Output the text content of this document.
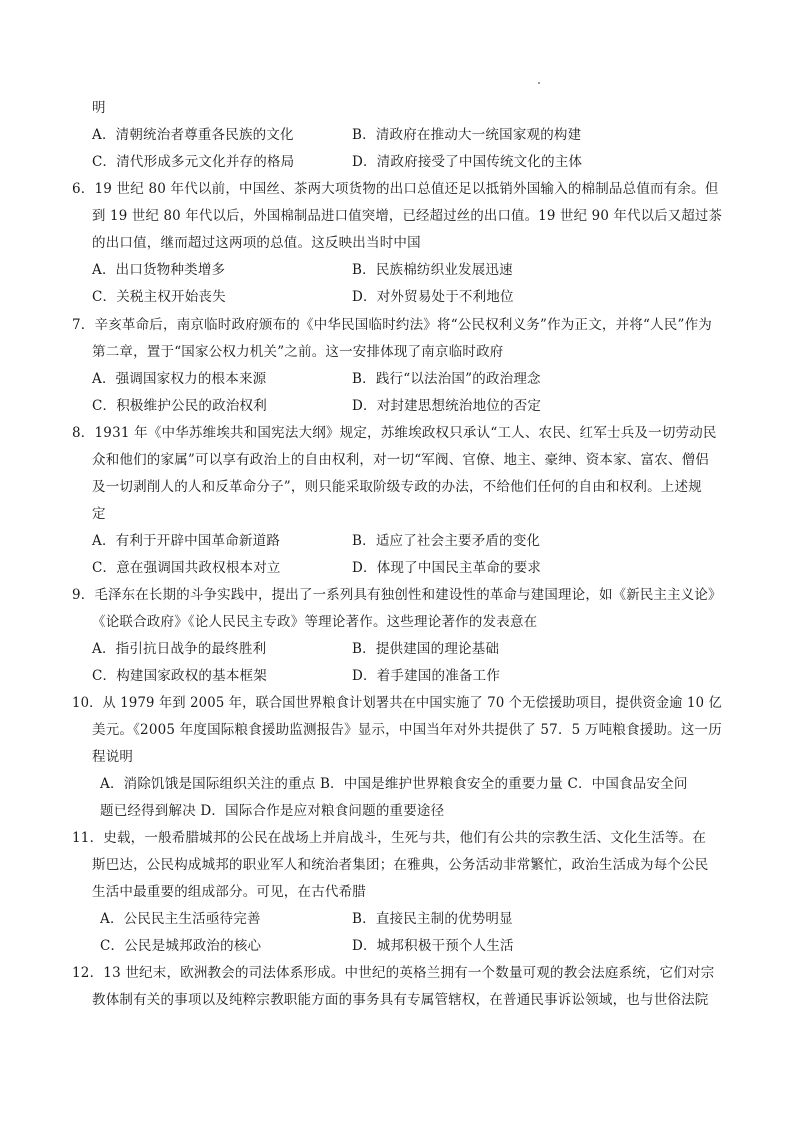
明
A．清朝统治者尊重各民族的文化	B．清政府在推动大一统国家观的构建
C．清代形成多元文化并存的格局	D．清政府接受了中国传统文化的主体
6．19 世纪 80 年代以前，中国丝、茶两大项货物的出口总值还足以抵销外国输入的棉制品总值而有余。但
到 19 世纪 80 年代以后，外国棉制品进口值突增，已经超过丝的出口值。19 世纪 90 年代以后又超过茶
的出口值，继而超过这两项的总值。这反映出当时中国
A．出口货物种类增多	B．民族棉纺织业发展迅速
C．关税主权开始丧失	D．对外贸易处于不利地位
7．辛亥革命后，南京临时政府颁布的《中华民国临时约法》将“公民权利义务”作为正文，并将“人民”作为
第二章，置于“国家公权力机关”之前。这一安排体现了南京临时政府
A．强调国家权力的根本来源	B．践行“以法治国”的政治理念
C．积极维护公民的政治权利	D．对封建思想统治地位的否定
8．1931 年《中华苏维埃共和国宪法大纲》规定，苏维埃政权只承认“工人、农民、红军士兵及一切劳动民
众和他们的家属”可以享有政治上的自由权利，对一切“军阀、官僚、地主、豪绅、资本家、富农、僧侣
及一切剥削人的人和反革命分子”，则只能采取阶级专政的办法，不给他们任何的自由和权利。上述规
定
A．有利于开辟中国革命新道路	B．适应了社会主要矛盾的变化
C．意在强调国共政权根本对立	D．体现了中国民主革命的要求
9．毛泽东在长期的斗争实践中，提出了一系列具有独创性和建设性的革命与建国理论，如《新民主主义论》
《论联合政府》《论人民民主专政》等理论著作。这些理论著作的发表意在
A．指引抗日战争的最终胜利	B．提供建国的理论基础
C．构建国家政权的基本框架	D．着手建国的准备工作
10．从 1979 年到 2005 年，联合国世界粮食计划署共在中国实施了 70 个无偿援助项目，提供资金逾 10 亿
美元。《2005 年度国际粮食援助监测报告》显示，中国当年对外共提供了 57．5 万吨粮食援助。这一历
程说明
A．消除饥饿是国际组织关注的重点 B．中国是维护世界粮食安全的重要力量 C．中国食品安全问
题已经得到解决 D．国际合作是应对粮食问题的重要途径
11．史载，一般希腊城邦的公民在战场上并肩战斗，生死与共，他们有公共的宗教生活、文化生活等。在
斯巴达，公民构成城邦的职业军人和统治者集团；在雅典，公务活动非常繁忙，政治生活成为每个公民
生活中最重要的组成部分。可见，在古代希腊
A．公民民主生活亟待完善	B．直接民主制的优势明显
C．公民是城邦政治的核心	D．城邦积极干预个人生活
12．13 世纪末，欧洲教会的司法体系形成。中世纪的英格兰拥有一个数量可观的教会法庭系统，它们对宗
教体制有关的事项以及纯粹宗教职能方面的事务具有专属管辖权，在普通民事诉讼领域，也与世俗法院
